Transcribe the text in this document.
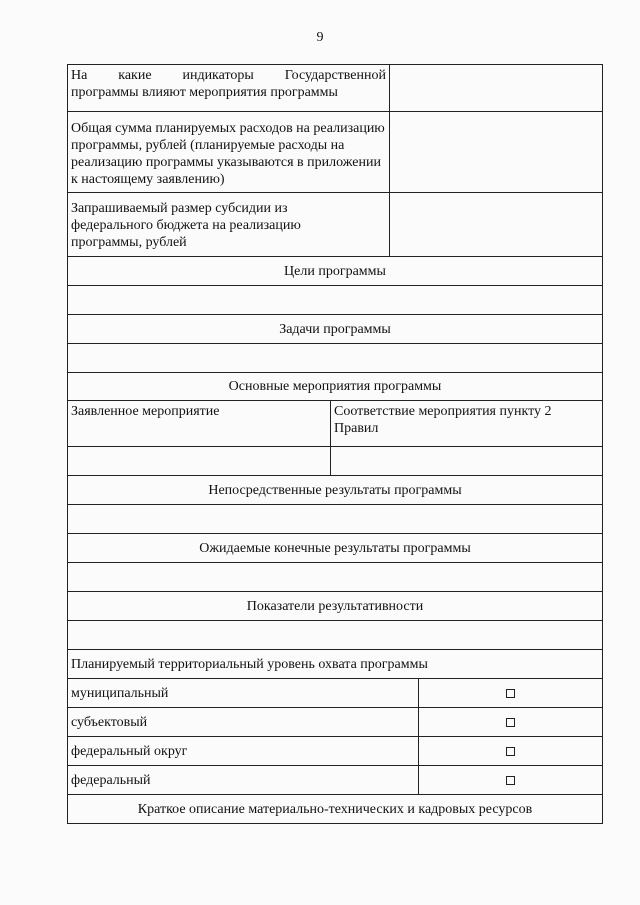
9
На какие индикаторы Государственной
программы влияют мероприятия программы
Общая сумма планируемых расходов на реализацию программы, рублей (планируемые расходы на реализацию программы указываются в приложении к настоящему заявлению)
Запрашиваемый размер субсидии из федерального бюджета на реализацию программы, рублей
Цели программы
Задачи программы
Основные мероприятия программы
Заявленное мероприятие	Соответствие мероприятия пункту 2 Правил
Непосредственные результаты программы
Ожидаемые конечные результаты программы
Показатели результативности
Планируемый территориальный уровень охвата программы
муниципальный
субъектовый
федеральный округ
федеральный
Краткое описание материально-технических и кадровых ресурсов
